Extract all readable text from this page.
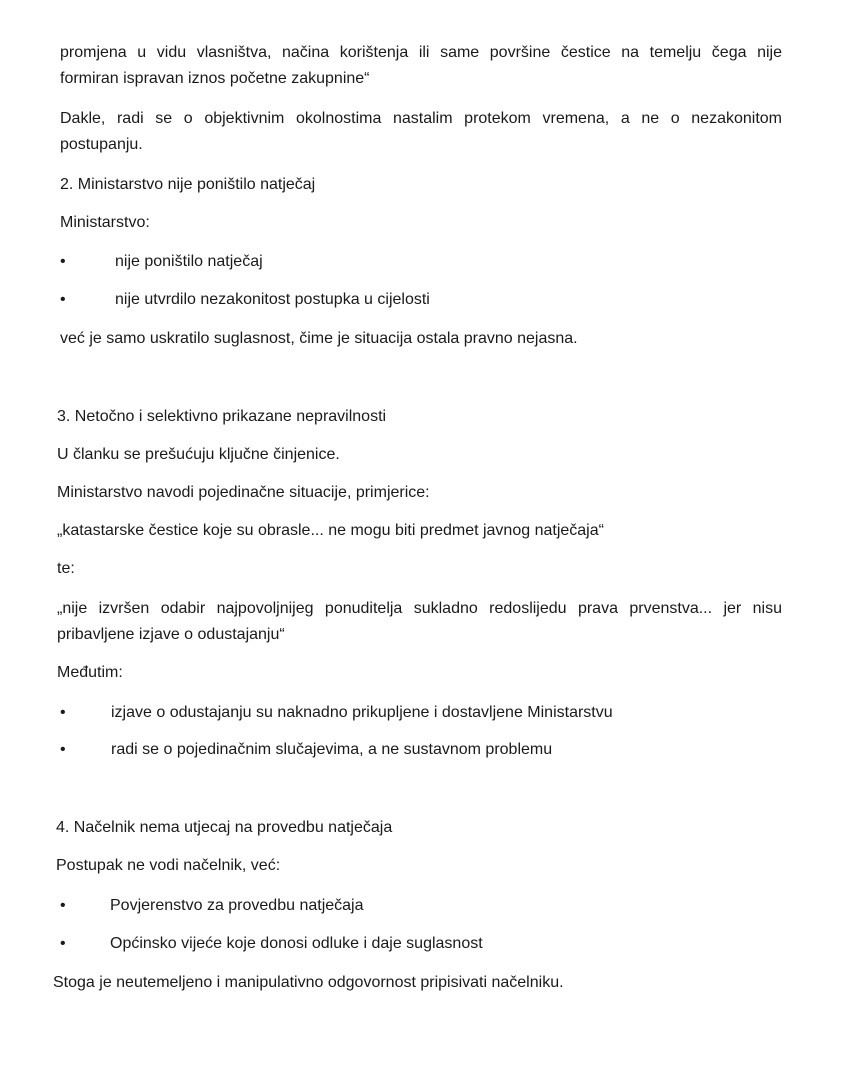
promjena u vidu vlasništva, načina korištenja ili same površine čestice na temelju čega nije
formiran ispravan iznos početne zakupnine“
Dakle, radi se o objektivnim okolnostima nastalim protekom vremena, a ne o nezakonitom
postupanju.
2. Ministarstvo nije poništilo natječaj
Ministarstvo:
•	nije poništilo natječaj
•	nije utvrdilo nezakonitost postupka u cijelosti
već je samo uskratilo suglasnost, čime je situacija ostala pravno nejasna.
3. Netočno i selektivno prikazane nepravilnosti
U članku se prešućuju ključne činjenice.
Ministarstvo navodi pojedinačne situacije, primjerice:
„katastarske čestice koje su obrasle... ne mogu biti predmet javnog natječaja“
te:
„nije izvršen odabir najpovoljnijeg ponuditelja sukladno redoslijedu prava prvenstva... jer nisu
pribavljene izjave o odustajanju“
Međutim:
•	izjave o odustajanju su naknadno prikupljene i dostavljene Ministarstvu
•	radi se o pojedinačnim slučajevima, a ne sustavnom problemu
4. Načelnik nema utjecaj na provedbu natječaja
Postupak ne vodi načelnik, već:
•	Povjerenstvo za provedbu natječaja
•	Općinsko vijeće koje donosi odluke i daje suglasnost
Stoga je neutemeljeno i manipulativno odgovornost pripisivati načelniku.
